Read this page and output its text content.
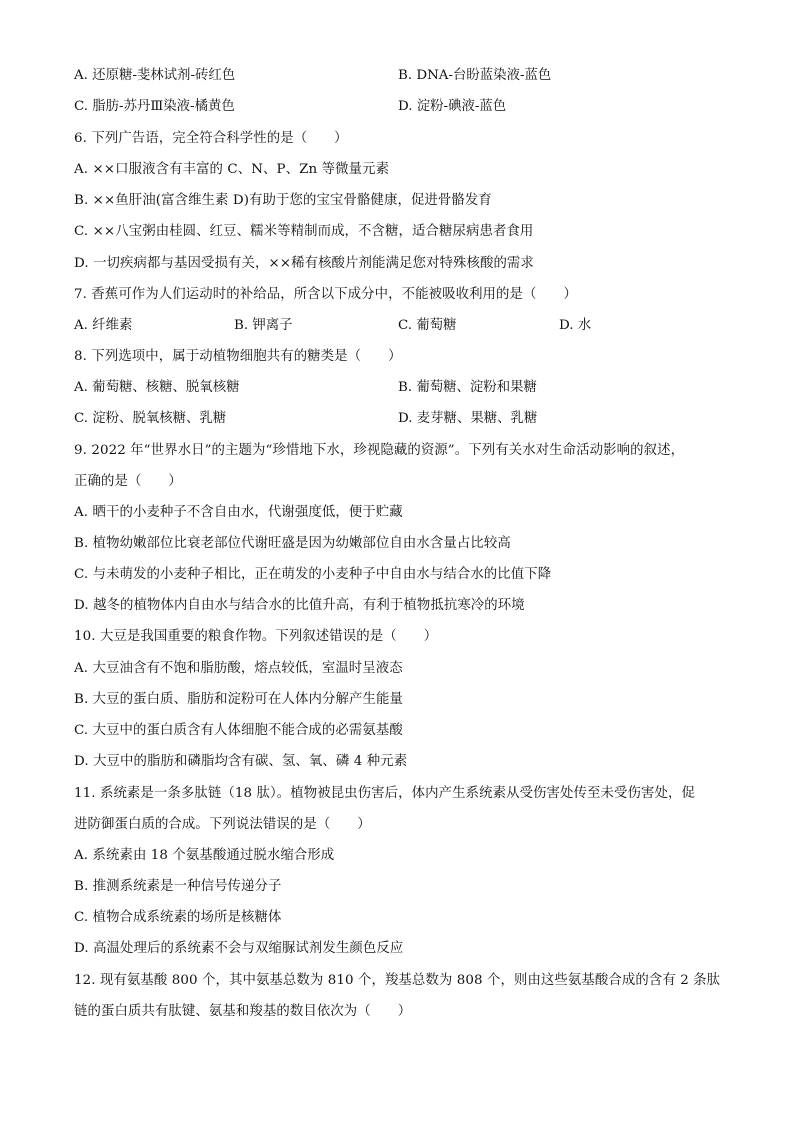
A. 还原糖-斐林试剂-砖红色	B. DNA-台盼蓝染液-蓝色
C. 脂肪-苏丹Ⅲ染液-橘黄色	D. 淀粉-碘液-蓝色
6. 下列广告语，完全符合科学性的是（　　）
A. ××口服液含有丰富的 C、N、P、Zn 等微量元素
B. ××鱼肝油(富含维生素 D)有助于您的宝宝骨骼健康，促进骨骼发育
C. ××八宝粥由桂圆、红豆、糯米等精制而成，不含糖，适合糖尿病患者食用
D. 一切疾病都与基因受损有关，××稀有核酸片剂能满足您对特殊核酸的需求
7. 香蕉可作为人们运动时的补给品，所含以下成分中，不能被吸收利用的是（　　）
A. 纤维素	B. 钾离子	C. 葡萄糖	D. 水
8. 下列选项中，属于动植物细胞共有的糖类是（　　）
A. 葡萄糖、核糖、脱氧核糖	B. 葡萄糖、淀粉和果糖
C. 淀粉、脱氧核糖、乳糖	D. 麦芽糖、果糖、乳糖
9. 2022 年“世界水日”的主题为“珍惜地下水，珍视隐藏的资源”。下列有关水对生命活动影响的叙述，
正确的是（　　）
A. 晒干的小麦种子不含自由水，代谢强度低，便于贮藏
B. 植物幼嫩部位比衰老部位代谢旺盛是因为幼嫩部位自由水含量占比较高
C. 与未萌发的小麦种子相比，正在萌发的小麦种子中自由水与结合水的比值下降
D. 越冬的植物体内自由水与结合水的比值升高，有利于植物抵抗寒冷的环境
10. 大豆是我国重要的粮食作物。下列叙述错误的是（　　）
A. 大豆油含有不饱和脂肪酸，熔点较低，室温时呈液态
B. 大豆的蛋白质、脂肪和淀粉可在人体内分解产生能量
C. 大豆中的蛋白质含有人体细胞不能合成的必需氨基酸
D. 大豆中的脂肪和磷脂均含有碳、氢、氧、磷 4 种元素
11. 系统素是一条多肽链（18 肽）。植物被昆虫伤害后，体内产生系统素从受伤害处传至未受伤害处，促
进防御蛋白质的合成。下列说法错误的是（　　）
A. 系统素由 18 个氨基酸通过脱水缩合形成
B. 推测系统素是一种信号传递分子
C. 植物合成系统素的场所是核糖体
D. 高温处理后的系统素不会与双缩脲试剂发生颜色反应
12. 现有氨基酸 800 个，其中氨基总数为 810 个，羧基总数为 808 个，则由这些氨基酸合成的含有 2 条肽
链的蛋白质共有肽键、氨基和羧基的数目依次为（　　）
